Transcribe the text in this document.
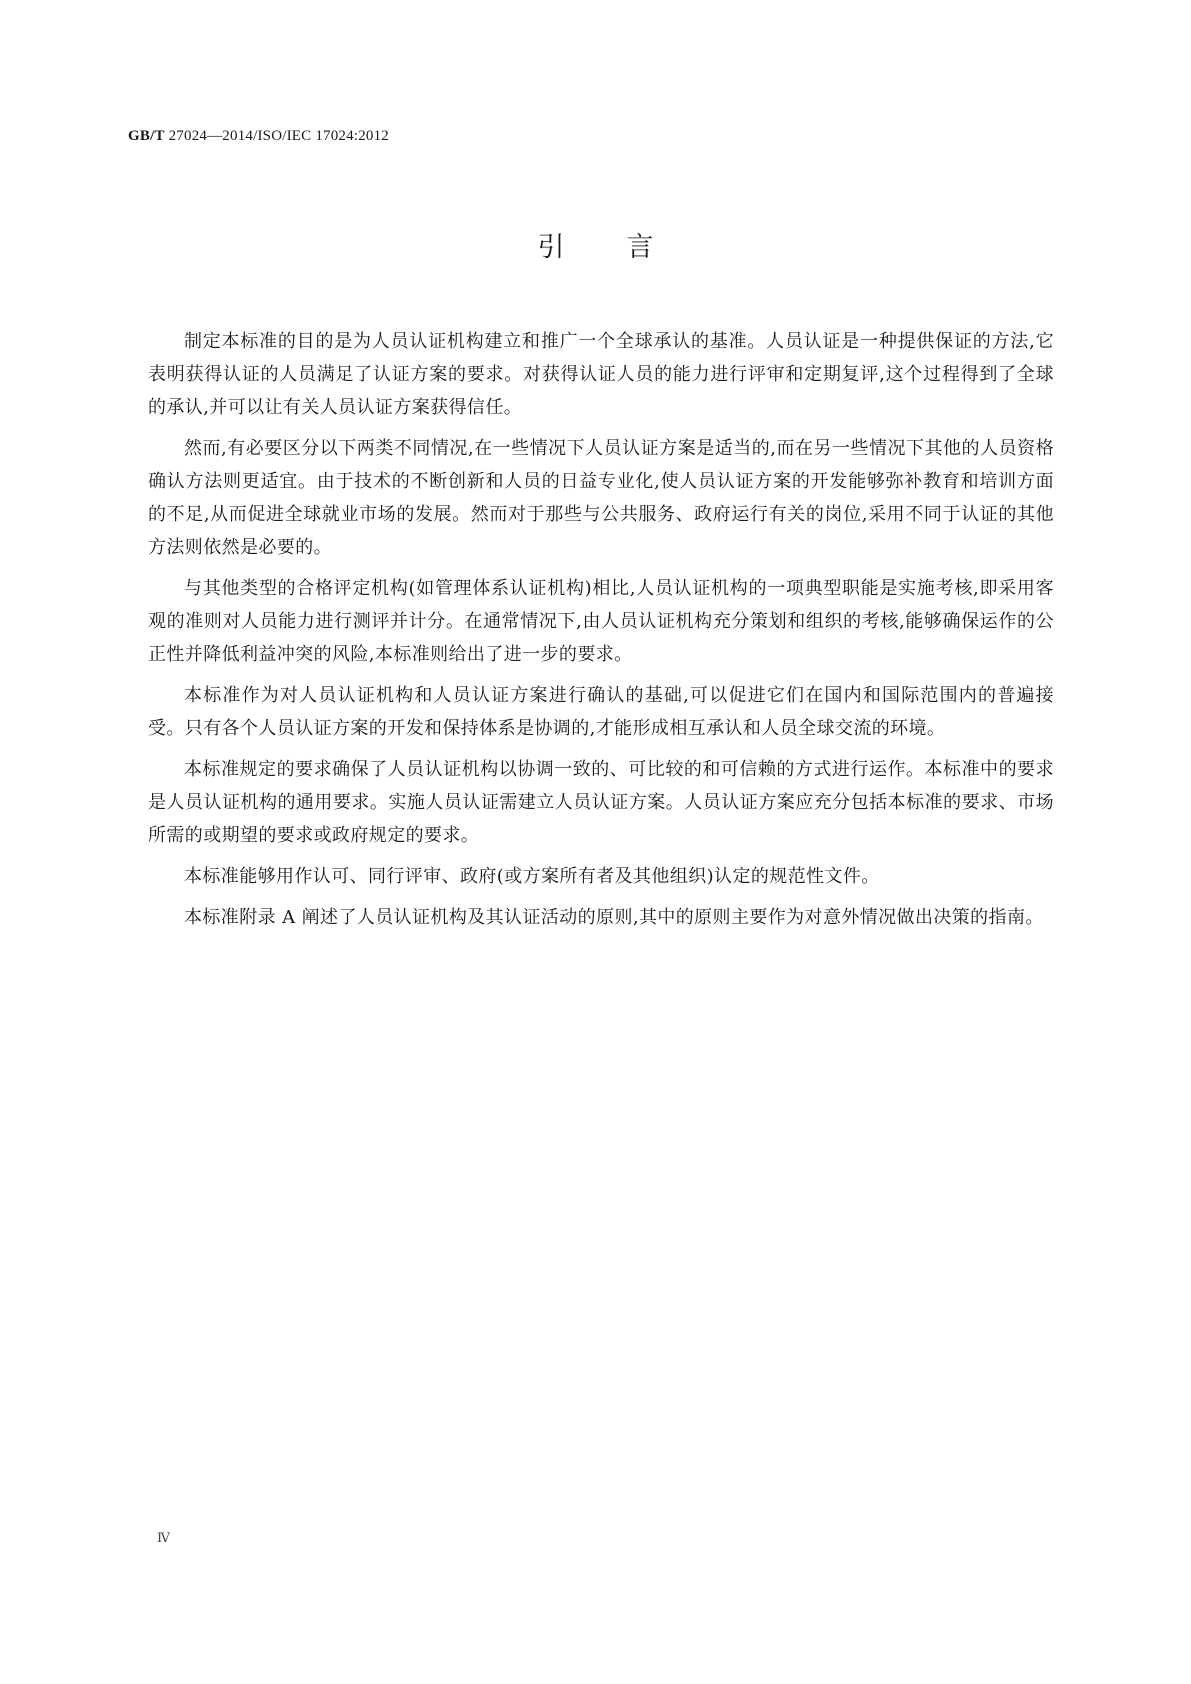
GB/T 27024—2014/ISO/IEC 17024:2012
引言

制定本标准的目的是为人员认证机构建立和推广一个全球承认的基准。人员认证是一种提供保证的方法,它表明获得认证的人员满足了认证方案的要求。对获得认证人员的能力进行评审和定期复评,这个过程得到了全球的承认,并可以让有关人员认证方案获得信任。

然而,有必要区分以下两类不同情况,在一些情况下人员认证方案是适当的,而在另一些情况下其他的人员资格确认方法则更适宜。由于技术的不断创新和人员的日益专业化,使人员认证方案的开发能够弥补教育和培训方面的不足,从而促进全球就业市场的发展。然而对于那些与公共服务、政府运行有关的岗位,采用不同于认证的其他方法则依然是必要的。

与其他类型的合格评定机构(如管理体系认证机构)相比,人员认证机构的一项典型职能是实施考核,即采用客观的准则对人员能力进行测评并计分。在通常情况下,由人员认证机构充分策划和组织的考核,能够确保运作的公正性并降低利益冲突的风险,本标准则给出了进一步的要求。

本标准作为对人员认证机构和人员认证方案进行确认的基础,可以促进它们在国内和国际范围内的普遍接受。只有各个人员认证方案的开发和保持体系是协调的,才能形成相互承认和人员全球交流的环境。

本标准规定的要求确保了人员认证机构以协调一致的、可比较的和可信赖的方式进行运作。本标准中的要求是人员认证机构的通用要求。实施人员认证需建立人员认证方案。人员认证方案应充分包括本标准的要求、市场所需的或期望的要求或政府规定的要求。

本标准能够用作认可、同行评审、政府(或方案所有者及其他组织)认定的规范性文件。

本标准附录 A 阐述了人员认证机构及其认证活动的原则,其中的原则主要作为对意外情况做出决策的指南。

Ⅳ
